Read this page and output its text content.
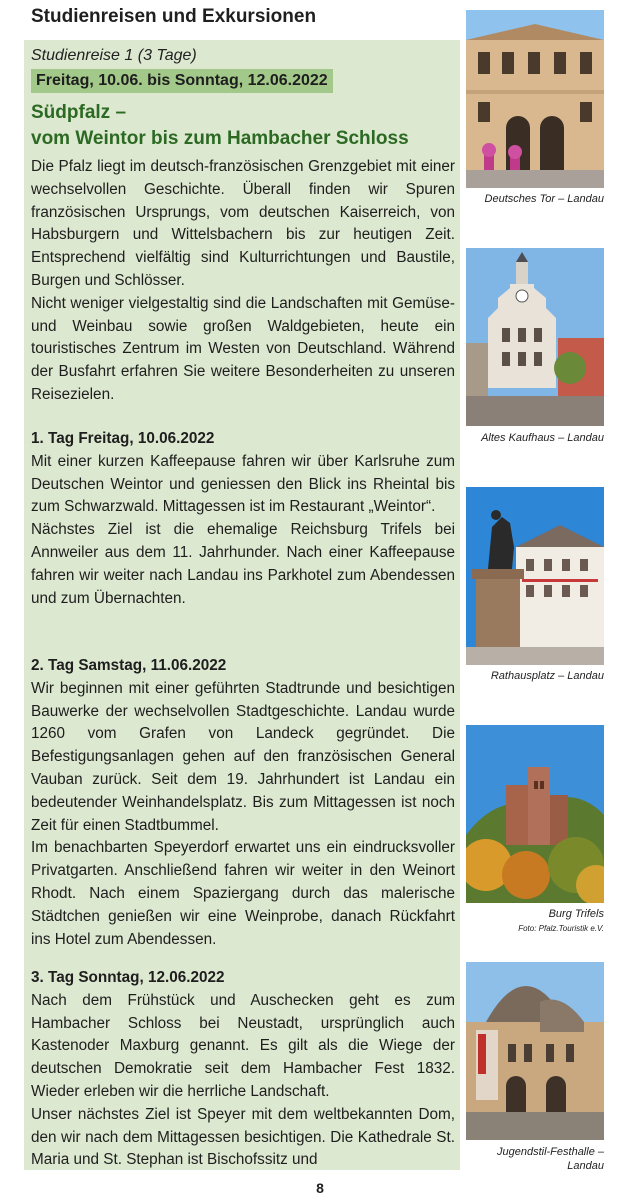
Studienreisen und Exkursionen
Studienreise 1 (3 Tage)
Freitag, 10.06. bis Sonntag, 12.06.2022
Südpfalz –
vom Weintor bis zum Hambacher Schloss

Die Pfalz liegt im deutsch-französischen Grenzgebiet mit einer wechselvollen Geschichte. Überall finden wir Spuren französischen Ursprungs, vom deutschen Kaiserreich, von Habsburgern und Wittelsbachern bis zur heutigen Zeit. Entsprechend vielfältig sind Kulturrichtungen und Baustile, Burgen und Schlösser.

Nicht weniger vielgestaltig sind die Landschaften mit Gemüse- und Weinbau sowie großen Waldgebieten, heute ein touristisches Zentrum im Westen von Deutschland. Während der Busfahrt erfahren Sie weitere Besonderheiten zu unseren Reisezielen.

1. Tag Freitag, 10.06.2022

Mit einer kurzen Kaffeepause fahren wir über Karlsruhe zum Deutschen Weintor und geniessen den Blick ins Rheintal bis zum Schwarzwald. Mittagessen ist im Restaurant „Weintor“.

Nächstes Ziel ist die ehemalige Reichsburg Trifels bei Annweiler aus dem 11. Jahrhunder. Nach einer Kaffeepause fahren wir weiter nach Landau ins Parkhotel zum Abendessen und zum Übernachten.

2. Tag Samstag, 11.06.2022

Wir beginnen mit einer geführten Stadtrunde und besichtigen Bauwerke der wechselvollen Stadtgeschichte. Landau wurde 1260 vom Grafen von Landeck gegründet. Die Befestigungsanlagen gehen auf den französischen General Vauban zurück. Seit dem 19. Jahrhundert ist Landau ein bedeutender Weinhandelsplatz. Bis zum Mittagessen ist noch Zeit für einen Stadtbummel.

Im benachbarten Speyerdorf erwartet uns ein eindrucksvoller Privatgarten. Anschließend fahren wir weiter in den Weinort Rhodt. Nach einem Spaziergang durch das malerische Städtchen genießen wir eine Weinprobe, danach Rückfahrt ins Hotel zum Abendessen.

3. Tag Sonntag, 12.06.2022

Nach dem Frühstück und Auschecken geht es zum Hambacher Schloss bei Neustadt, ursprünglich auch Kastenoder Maxburg genannt. Es gilt als die Wiege der deutschen Demokratie seit dem Hambacher Fest 1832. Wieder erleben wir die herrliche Landschaft.

Unser nächstes Ziel ist Speyer mit dem weltbekannten Dom, den wir nach dem Mittagessen besichtigen. Die Kathedrale St. Maria und St. Stephan ist Bischofssitz und

Deutsches Tor – Landau
Altes Kaufhaus – Landau
Rathausplatz – Landau
Burg Trifels
Foto: Pfalz.Touristik e.V.
Jugendstil-Festhalle –
Landau
8
